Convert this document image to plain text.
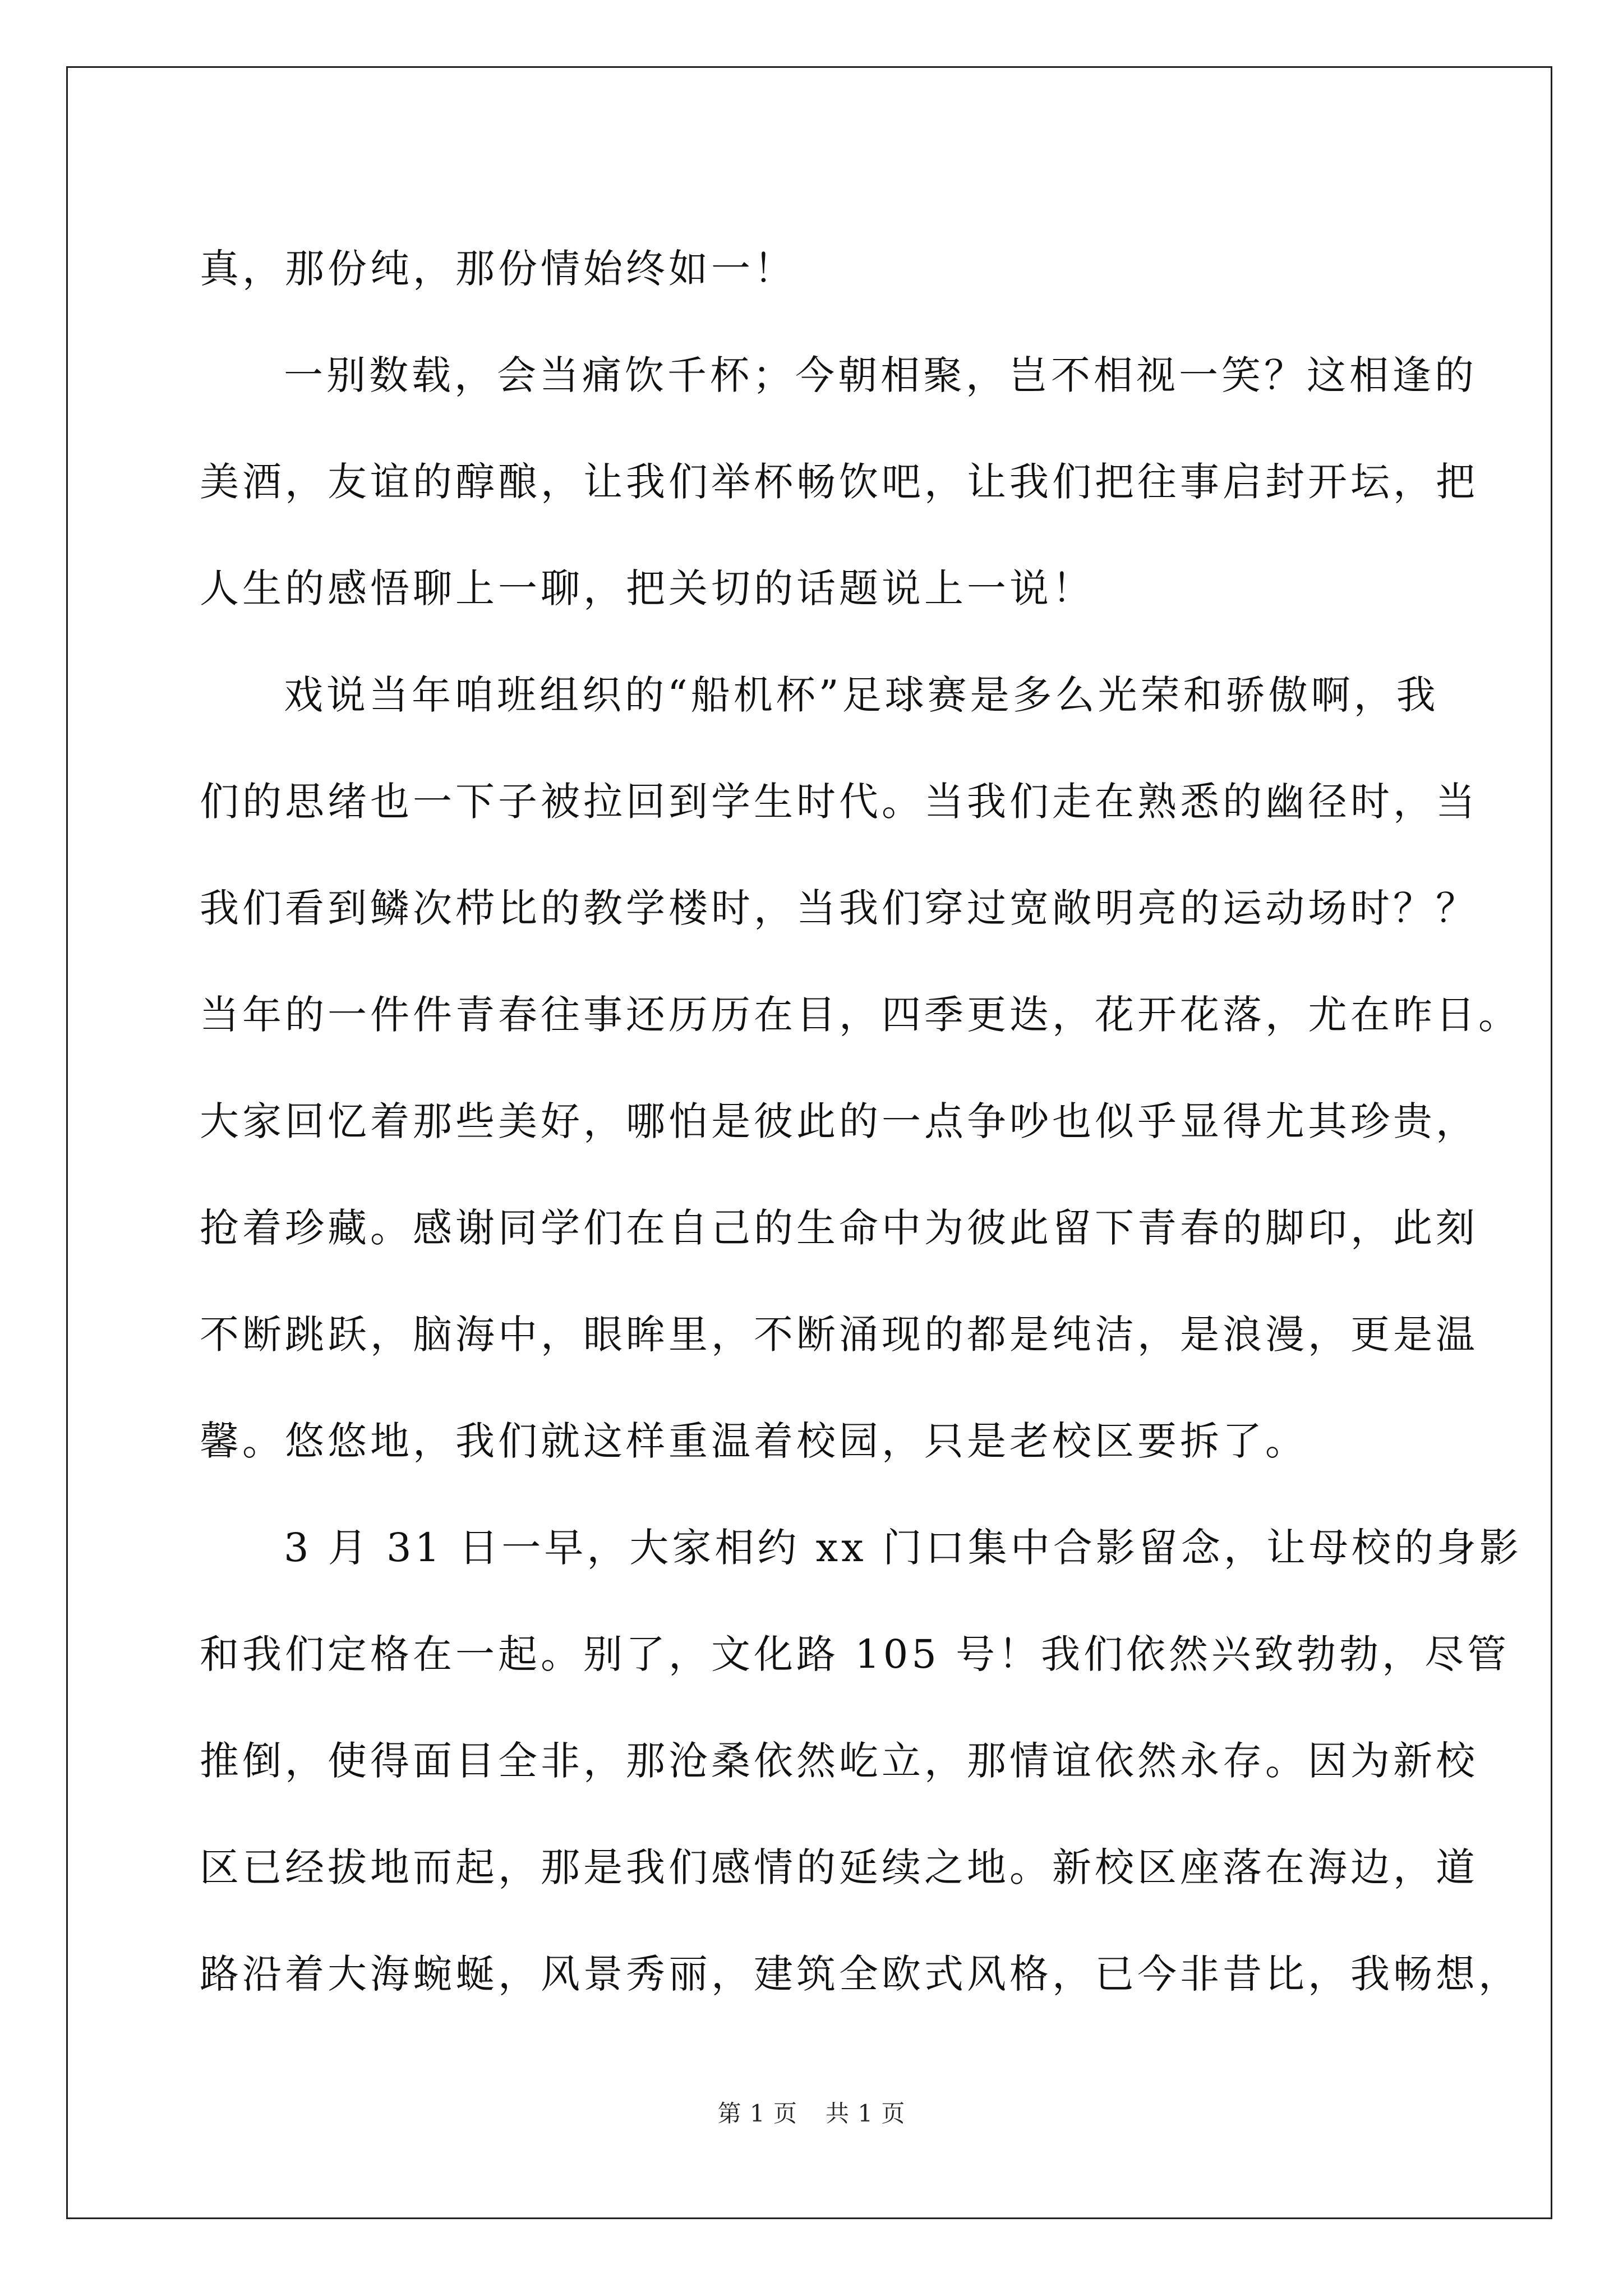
真，那份纯，那份情始终如一！
一别数载，会当痛饮千杯；今朝相聚，岂不相视一笑？这相逢的
美酒，友谊的醇酿，让我们举杯畅饮吧，让我们把往事启封开坛，把
人生的感悟聊上一聊，把关切的话题说上一说！
戏说当年咱班组织的“船机杯”足球赛是多么光荣和骄傲啊，我
们的思绪也一下子被拉回到学生时代。当我们走在熟悉的幽径时，当
我们看到鳞次栉比的教学楼时，当我们穿过宽敞明亮的运动场时？？
当年的一件件青春往事还历历在目，四季更迭，花开花落，尤在昨日。
大家回忆着那些美好，哪怕是彼此的一点争吵也似乎显得尤其珍贵，
抢着珍藏。感谢同学们在自己的生命中为彼此留下青春的脚印，此刻
不断跳跃，脑海中，眼眸里，不断涌现的都是纯洁，是浪漫，更是温
馨。悠悠地，我们就这样重温着校园，只是老校区要拆了。
3 月 31 日一早，大家相约 xx 门口集中合影留念，让母校的身影
和我们定格在一起。别了，文化路 105 号！我们依然兴致勃勃，尽管
推倒，使得面目全非，那沧桑依然屹立，那情谊依然永存。因为新校
区已经拔地而起，那是我们感情的延续之地。新校区座落在海边，道
路沿着大海蜿蜒，风景秀丽，建筑全欧式风格，已今非昔比，我畅想，
第 1 页 共 1 页
